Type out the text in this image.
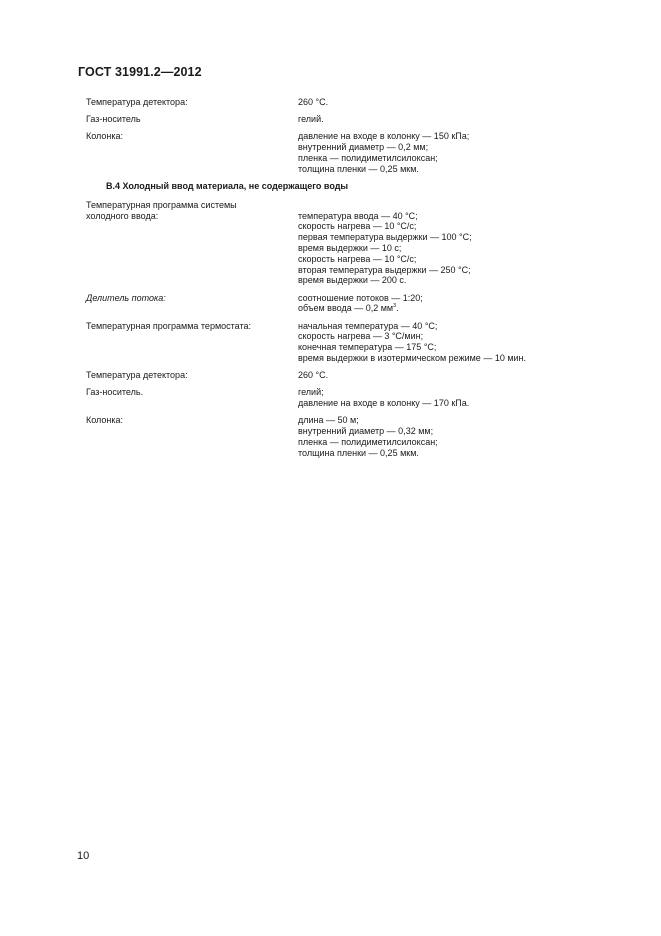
ГОСТ 31991.2—2012
Температура детектора:	260 °С.
Газ-носитель	гелий.
Колонка:	давление на входе в колонку — 150 кПа;
внутренний диаметр — 0,2 мм;
пленка — полидиметилсилоксан;
толщина пленки — 0,25 мкм.
В.4 Холодный ввод материала, не содержащего воды
Температурная программа системы
холодного ввода:	температура ввода — 40 °С;
скорость нагрева — 10 °С/с;
первая температура выдержки — 100 °С;
время выдержки — 10 с;
скорость нагрева — 10 °С/с;
вторая температура выдержки — 250 °С;
время выдержки — 200 с.
Делитель потока:	соотношение потоков — 1:20;
объем ввода — 0,2 $мм^3$.
Температурная программа термостата:	начальная температура — 40 °С;
скорость нагрева — 3 °С/мин;
конечная температура — 175 °С;
время выдержки в изотермическом режиме — 10 мин.
Температура детектора:	260 °С.
Газ-носитель.	гелий;
давление на входе в колонку — 170 кПа.
Колонка:	длина — 50 м;
внутренний диаметр — 0,32 мм;
пленка — полидиметилсилоксан;
толщина пленки — 0,25 мкм.
10
